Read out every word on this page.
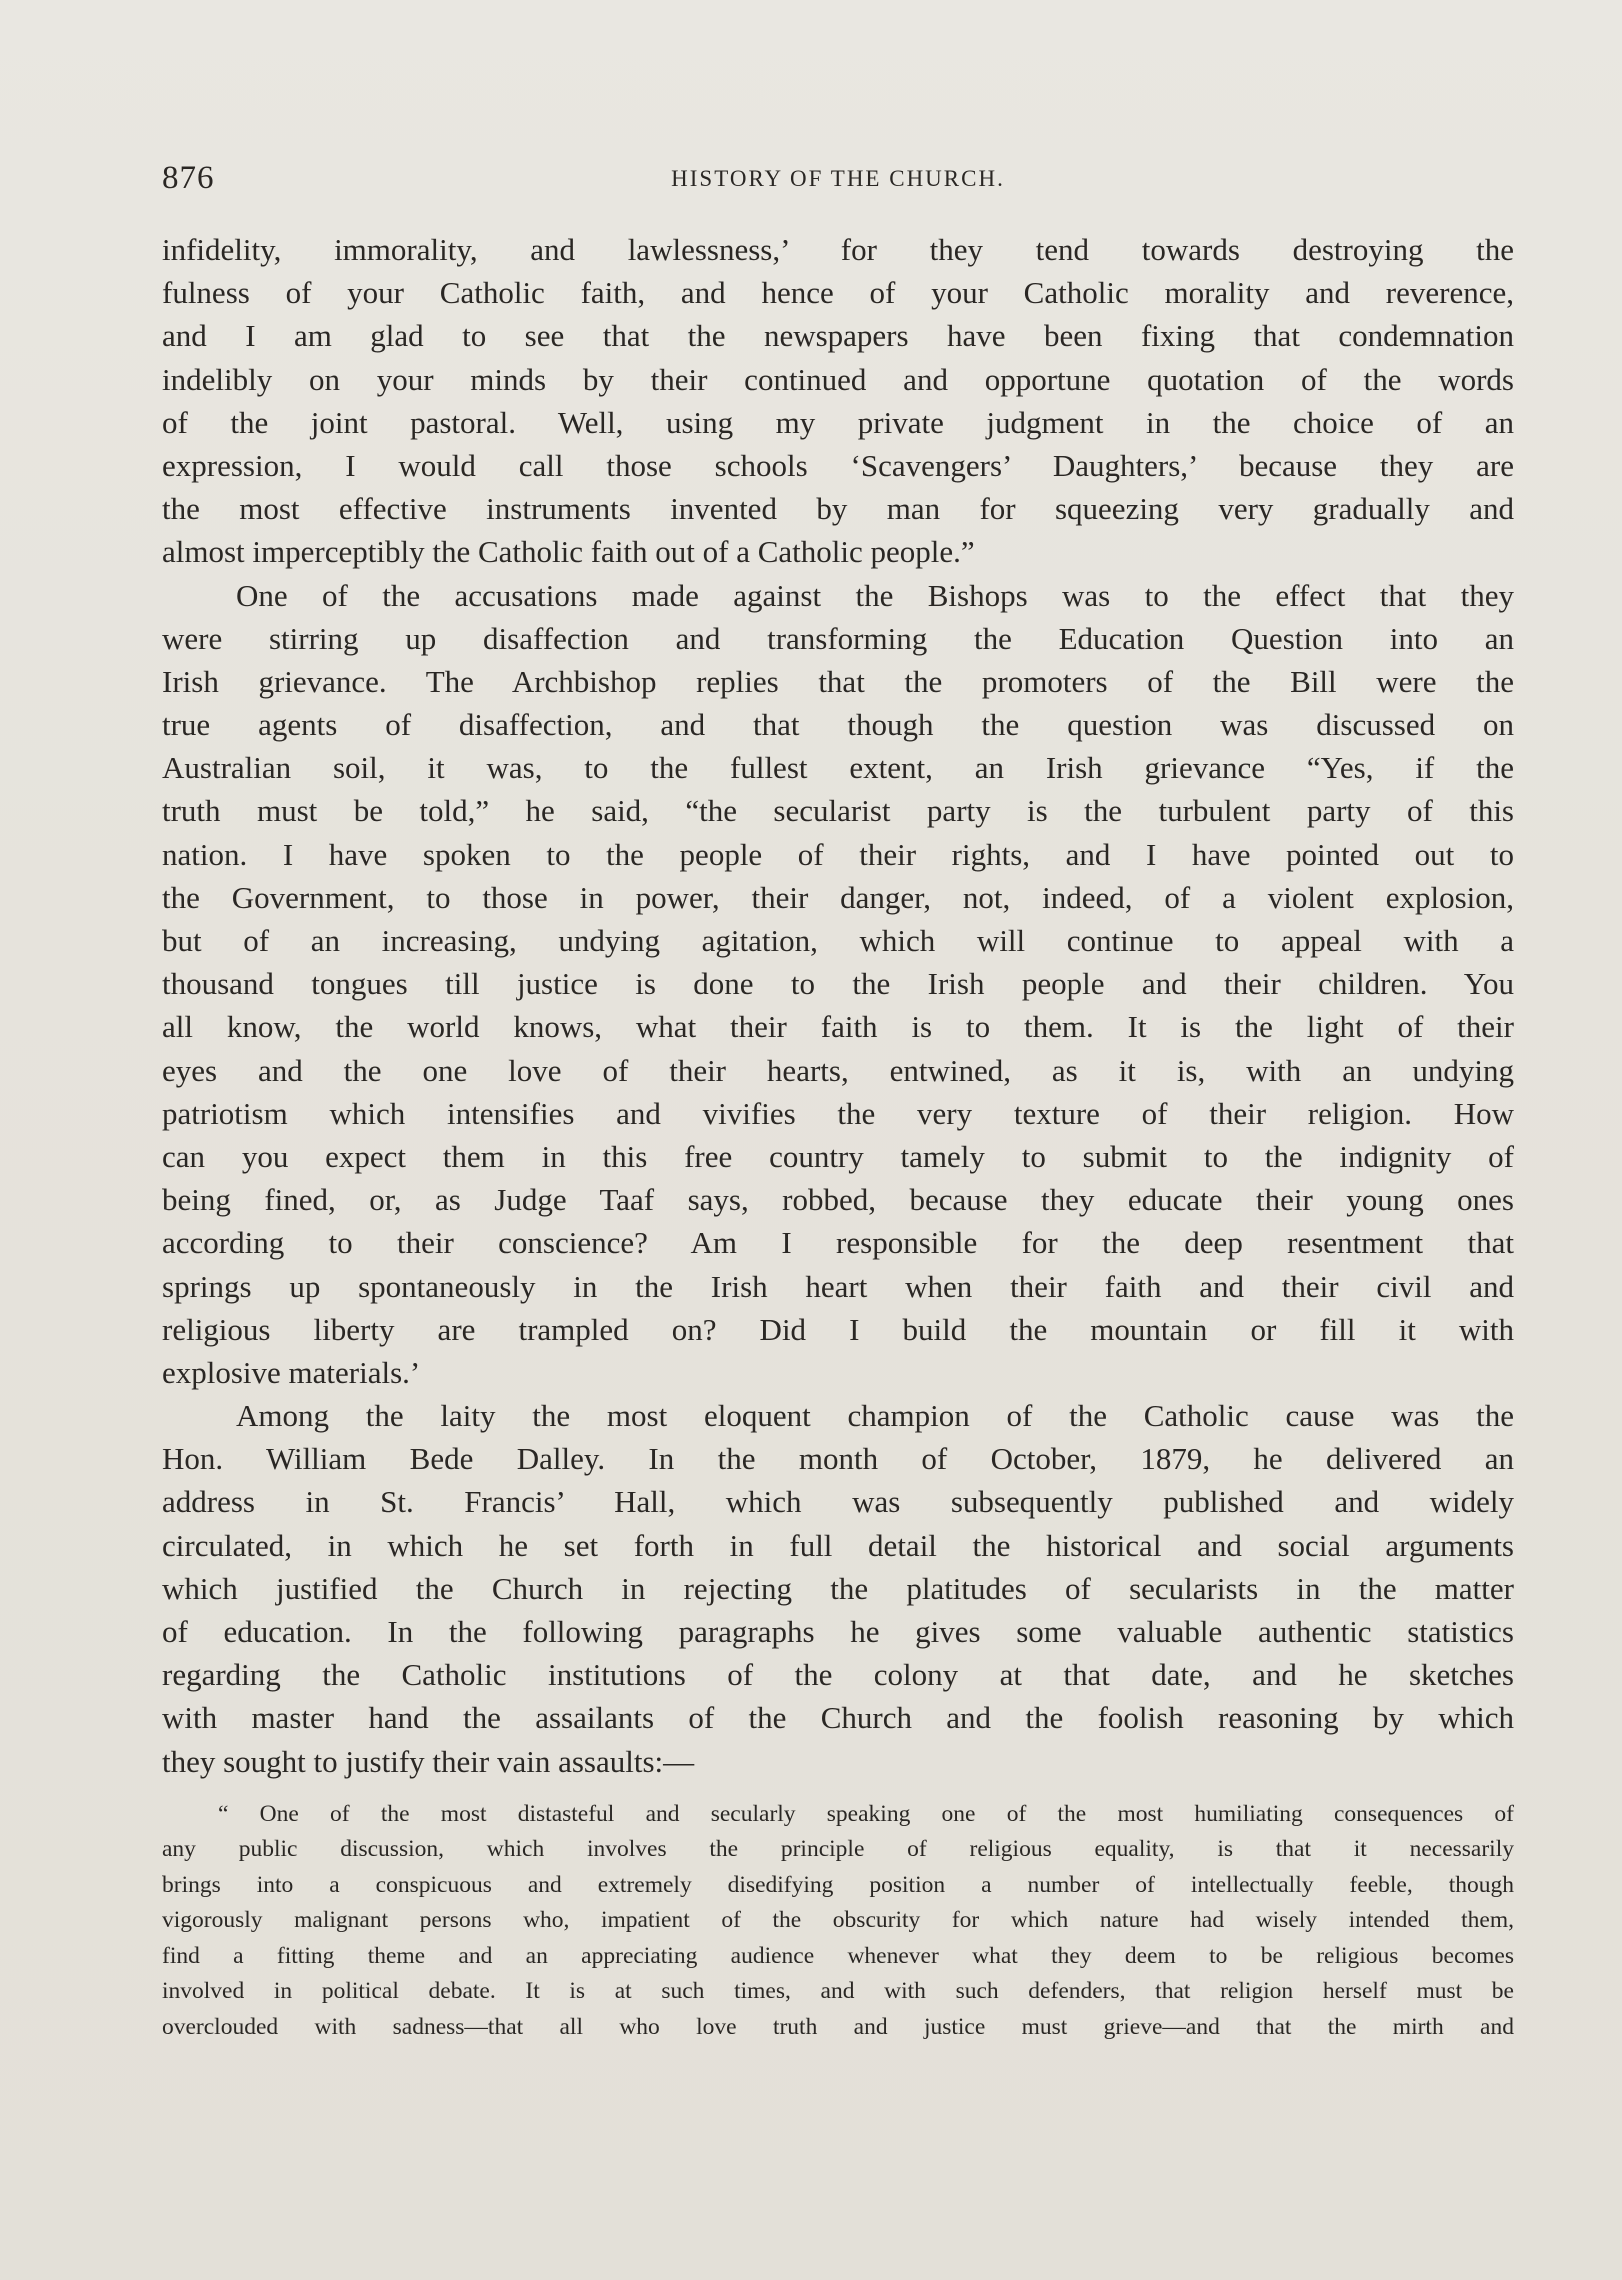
876	HISTORY OF THE CHURCH.
infidelity, immorality, and lawlessness,’ for they tend towards destroying the
fulness of your Catholic faith, and hence of your Catholic morality and reverence,
and I am glad to see that the newspapers have been fixing that condemnation
indelibly on your minds by their continued and opportune quotation of the words
of the joint pastoral. Well, using my private judgment in the choice of an
expression, I would call those schools ‘Scavengers’ Daughters,’ because they are
the most effective instruments invented by man for squeezing very gradually and
almost imperceptibly the Catholic faith out of a Catholic people.”
One of the accusations made against the Bishops was to the effect that they
were stirring up disaffection and transforming the Education Question into an
Irish grievance. The Archbishop replies that the promoters of the Bill were the
true agents of disaffection, and that though the question was discussed on
Australian soil, it was, to the fullest extent, an Irish grievance “Yes, if the
truth must be told,” he said, “the secularist party is the turbulent party of this
nation. I have spoken to the people of their rights, and I have pointed out to
the Government, to those in power, their danger, not, indeed, of a violent explosion,
but of an increasing, undying agitation, which will continue to appeal with a
thousand tongues till justice is done to the Irish people and their children. You
all know, the world knows, what their faith is to them. It is the light of their
eyes and the one love of their hearts, entwined, as it is, with an undying
patriotism which intensifies and vivifies the very texture of their religion. How
can you expect them in this free country tamely to submit to the indignity of
being fined, or, as Judge Taaf says, robbed, because they educate their young ones
according to their conscience? Am I responsible for the deep resentment that
springs up spontaneously in the Irish heart when their faith and their civil and
religious liberty are trampled on? Did I build the mountain or fill it with
explosive materials.’
Among the laity the most eloquent champion of the Catholic cause was the
Hon. William Bede Dalley. In the month of October, 1879, he delivered an
address in St. Francis’ Hall, which was subsequently published and widely
circulated, in which he set forth in full detail the historical and social arguments
which justified the Church in rejecting the platitudes of secularists in the matter
of education. In the following paragraphs he gives some valuable authentic statistics
regarding the Catholic institutions of the colony at that date, and he sketches
with master hand the assailants of the Church and the foolish reasoning by which
they sought to justify their vain assaults:—
“ One of the most distasteful and secularly speaking one of the most humiliating consequences of
any public discussion, which involves the principle of religious equality, is that it necessarily
brings into a conspicuous and extremely disedifying position a number of intellectually feeble, though
vigorously malignant persons who, impatient of the obscurity for which nature had wisely intended them,
find a fitting theme and an appreciating audience whenever what they deem to be religious becomes
involved in political debate. It is at such times, and with such defenders, that religion herself must be
overclouded with sadness—that all who love truth and justice must grieve—and that the mirth and
